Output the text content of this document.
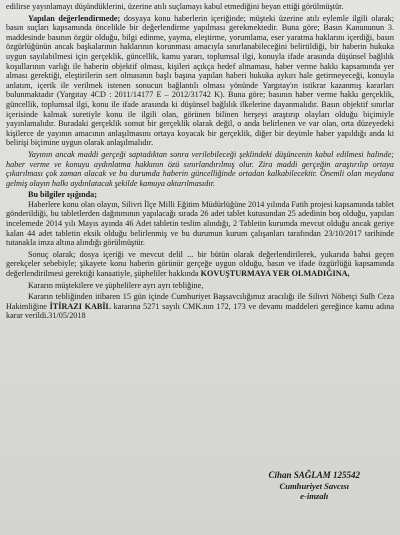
edilirse yayınlamayı düşündüklerini, üzerine atılı suçlamayı kabul etmediğini beyan ettiği görülmüştür.

Yapılan değerlendirmede; dosyaya konu haberlerin içeriğinde; müşteki üzerine atılı eylemle ilgili olarak; basın suçları kapsamında öncelikle bir değerlendirme yapılması gerekmektedir. Buna göre; Basın Kanununun 3. maddesinde basının özgür olduğu, bilgi edinme, yayma, eleştirme, yorumlama, eser yaratma haklarını içerdiği, basın özgürlüğünün ancak başkalarının haklarının korunması amacıyla sınırlanabileceğini belirtildiği, bir haberin hukuka uygun sayılabilmesi için gerçeklik, güncellik, kamu yararı, toplumsal ilgi, konuyla ifade arasında düşünsel bağlılık koşullarının varlığı ile haberin objektif olması, kişileri açıkça hedef almaması, haber verme hakkı kapsamında yer alması gerektiği, eleştirilerin sert olmasının başlı başına yapılan haberi hukuka aykırı hale getirmeyeceği, konuyla anlatım, içerik ile verilmek istenen sonucun bağlantılı olması yönünde Yargıtay'ın istikrar kazanmış kararları bulunmaktadır (Yargıtay 4CD : 2011/14177 E – 2012/31742 K). Buna göre; basının haber verme hakkı gerçeklik, güncellik, toplumsal ilgi, konu ile ifade arasında ki düşünsel bağlılık ilkelerine dayanmalıdır. Basın objektif sınırlar içerisinde kalmak suretiyle konu ile ilgili olan, görünen bilinen herşeyi araştırıp olayları olduğu biçimiyle yayınlamalıdır. Buradaki gerçeklik somut bir gerçeklik olarak değil, o anda belirlenen ve var olan, orta düzeyedeki kişilerce de yayının amacının anlaşılmasını ortaya koyacak bir gerçeklik, diğer bir deyimle haber yapıldığı anda ki belirişi biçimine uygun olarak anlaşılmalıdır.

Yayının ancak maddi gerçeği saptadıktan sonra verilebileceği şeklindeki düşüncenin kabul edilmesi halinde; haber verme ve konuyu aydınlatma hakkının özü sınırlandırılmış olur. Zira maddi gerçeğin araştırılıp ortaya çıkarılması çok zaman alacak ve bu durumda haberin güncelliğinde ortadan kalkabilecektir. Önemli olan meydana gelmiş olayın halkı aydınlatacak şekilde kamuya aktarılmasıdır.

Bu bilgiler ışığında;

Haberlere konu olan olayın, Silivri İlçe Milli Eğitim Müdürlüğüne 2014 yılında Fatih projesi kapsamında tablet gönderildiği, bu tabletlerden dağıtımının yapılacağı sırada 26 adet tablet kutusundan 25 adedinin boş olduğu, yapılan incelemede 2014 yılı Mayıs ayında 46 Adet tabletin teslim alındığı, 2 Tabletin kurumda mevcut olduğu ancak geriye kalan 44 adet tabletin eksik olduğu belirlenmiş ve bu durumun kurum çalışanları tarafından 23/10/2017 tarihinde tutanakla imza altına alındığı görülmüştür.

Sonuç olarak; dosya içeriği ve mevcut delil ... bir bütün olarak değerlendirilerek, yukarıda bahsi geçen gerekçeler sebebiyle; şikayete konu haberin görünür gerçeğe uygun olduğu, basın ve ifade özgürlüğü kapsamında değerlendirilmesi gerektiği kanaatiyle, şüpheliler hakkında KOVUŞTURMAYA YER OLMADIĞINA,

Kararın müştekilere ve şüphelilere ayrı ayrı tebliğine,

Kararın tebliğinden itibaren 15 gün içinde Cumhuriyet Başsavcılığımız aracılığı ile Silivri Nöbetçi Sulh Ceza Hakimliğine İTİRAZI KABİL kararına 5271 sayılı CMK.nın 172, 173 ve devamı maddeleri gereğince kamu adına karar verildi.31/05/2018

Cihan SAĞLAM 125542
Cumhuriyet Savcısı
e-imzalı
